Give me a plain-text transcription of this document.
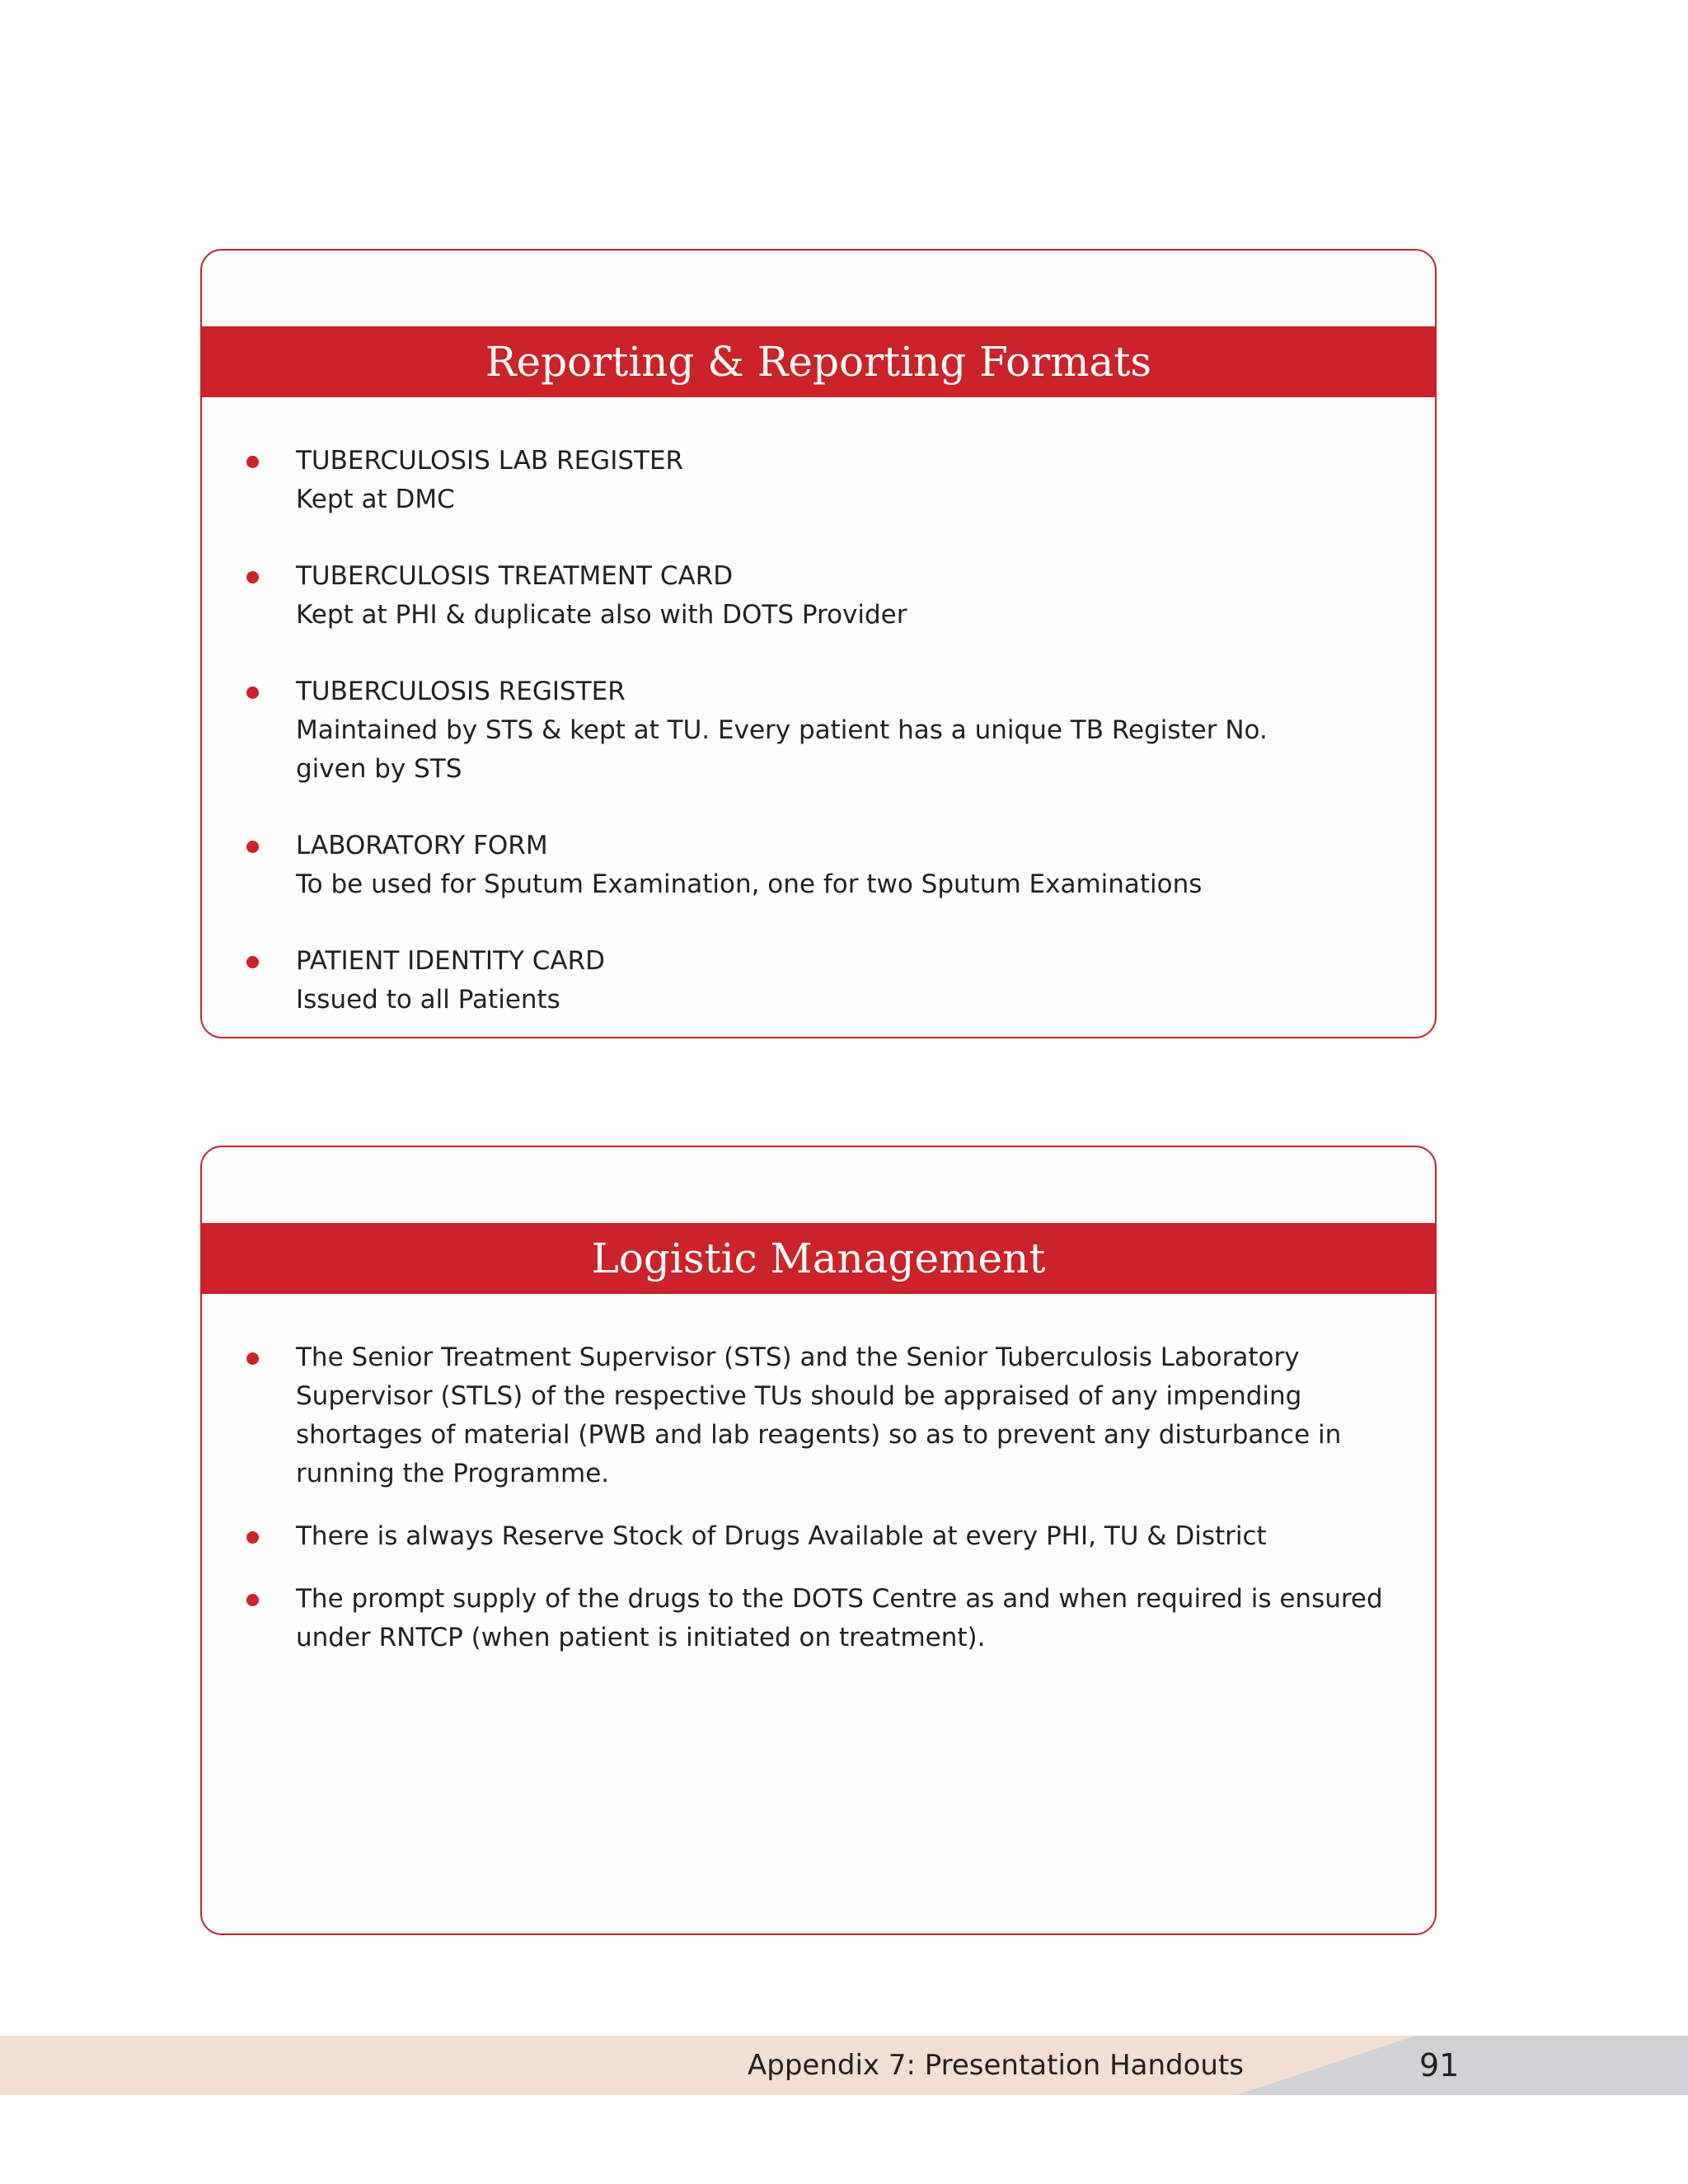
Reporting & Reporting Formats
TUBERCULOSIS LAB REGISTER
Kept at DMC
TUBERCULOSIS TREATMENT CARD
Kept at PHI & duplicate also with DOTS Provider
TUBERCULOSIS REGISTER
Maintained by STS & kept at TU. Every patient has a unique TB Register No. given by STS
LABORATORY FORM
To be used for Sputum Examination, one for two Sputum Examinations
PATIENT IDENTITY CARD
Issued to all Patients
Logistic Management
The Senior Treatment Supervisor (STS) and the Senior Tuberculosis Laboratory Supervisor (STLS) of the respective TUs should be appraised of any impending shortages of material (PWB and lab reagents) so as to prevent any disturbance in running the Programme.
There is always Reserve Stock of Drugs Available at every PHI, TU & District
The prompt supply of the drugs to the DOTS Centre as and when required is ensured under RNTCP (when patient is initiated on treatment).
Appendix 7: Presentation Handouts	91
